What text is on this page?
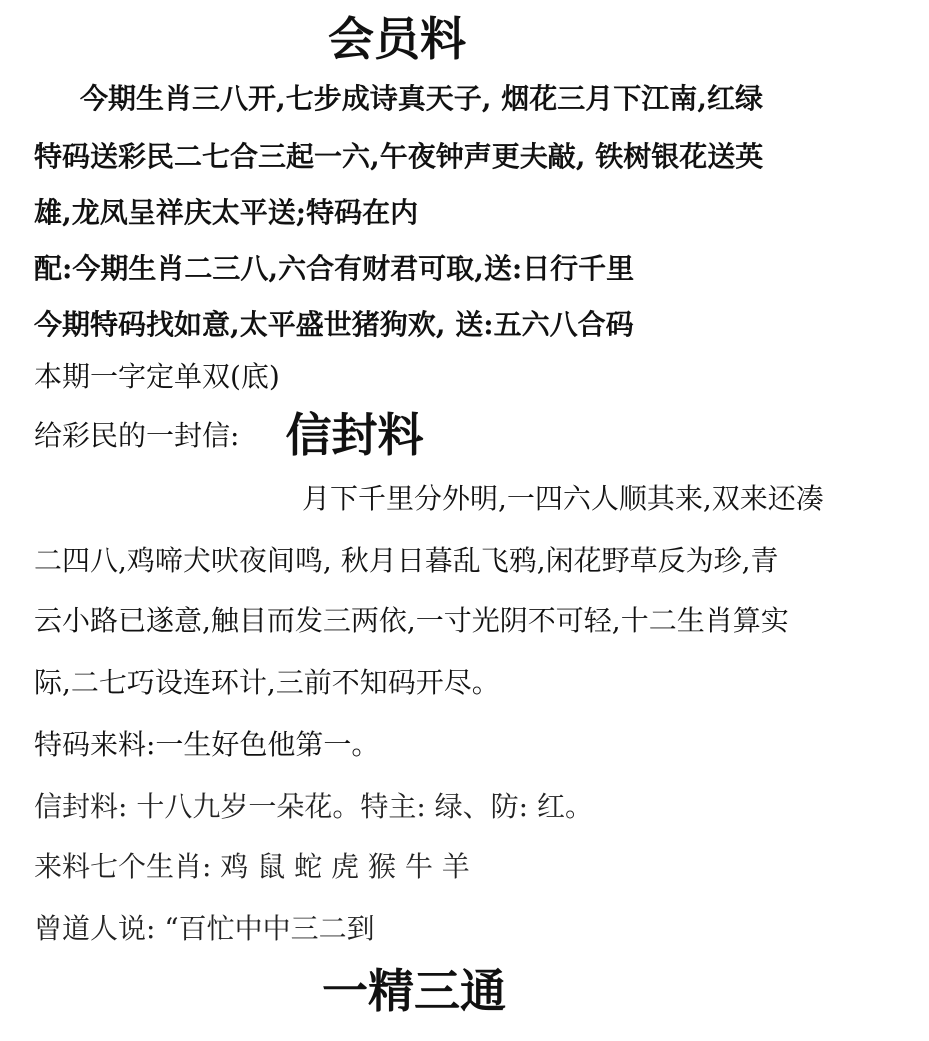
会员料
今期生肖三八开,七步成诗真天子, 烟花三月下江南,红绿
特码送彩民二七合三起一六,午夜钟声更夫敲, 铁树银花送英
雄,龙凤呈祥庆太平送;特码在内
配:今期生肖二三八,六合有财君可取,送:日行千里
今期特码找如意,太平盛世猪狗欢, 送:五六八合码
本期一字定单双(底)
给彩民的一封信: 信封料
月下千里分外明,一四六人顺其来,双来还凑
二四八,鸡啼犬吠夜间鸣, 秋月日暮乱飞鸦,闲花野草反为珍,青
云小路已遂意,触目而发三两依,一寸光阴不可轻,十二生肖算实
际,二七巧设连环计,三前不知码开尽。
特码来料:一生好色他第一。
信封料: 十八九岁一朵花。特主: 绿、防: 红。
来料七个生肖: 鸡 鼠 蛇 虎 猴 牛 羊
曾道人说: “百忙中中三二到
一精三通
